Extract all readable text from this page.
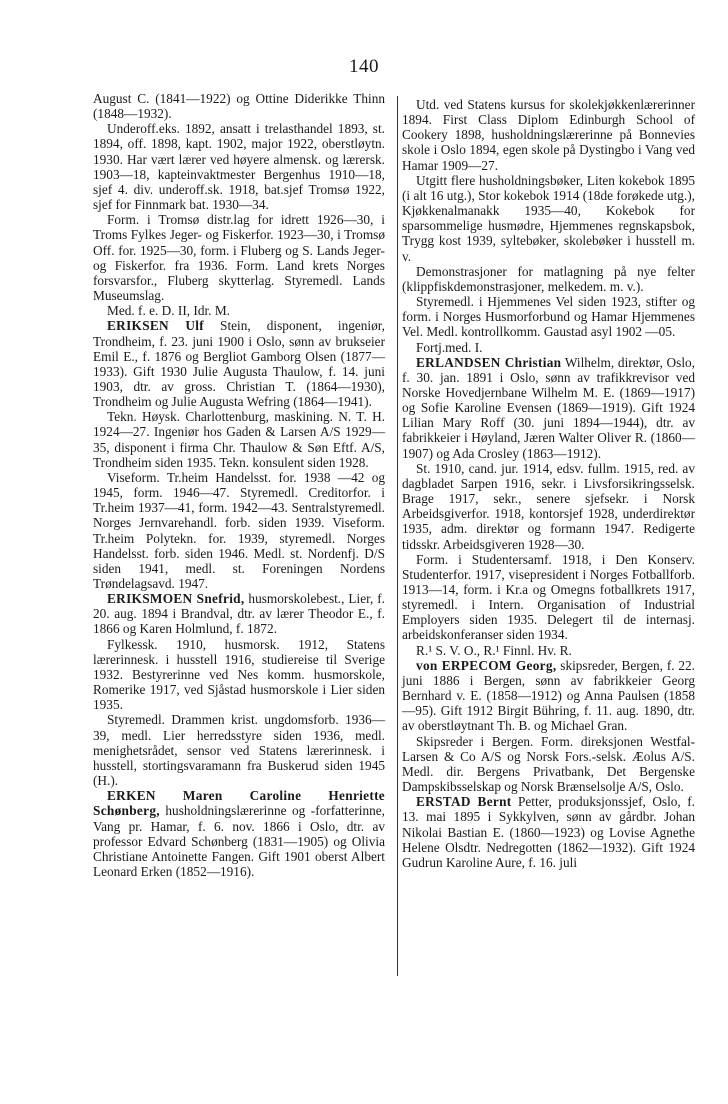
140

August C. (1841—1922) og Ottine Diderikke Thinn (1848—1932).

Underoff.eks. 1892, ansatt i trelasthandel 1893, st. 1894, off. 1898, kapt. 1902, major 1922, oberstløytn. 1930. Har vært lærer ved høyere almensk. og lærersk. 1903—18, kapteinvaktmester Bergenhus 1910—18, sjef 4. div. underoff.sk. 1918, bat.sjef Tromsø 1922, sjef for Finnmark bat. 1930—34.

Form. i Tromsø distr.lag for idrett 1926—30, i Troms Fylkes Jeger- og Fiskerfor. 1923—30, i Tromsø Off. for. 1925—30, form. i Fluberg og S. Lands Jeger- og Fiskerfor. fra 1936. Form. Land krets Norges forsvarsfor., Fluberg skytterlag. Styremedl. Lands Museumslag.

Med. f. e. D. II, Idr. M.

ERIKSEN Ulf Stein, disponent, ingeniør, Trondheim, f. 23. juni 1900 i Oslo, sønn av brukseier Emil E., f. 1876 og Bergliot Gamborg Olsen (1877—1933). Gift 1930 Julie Augusta Thaulow, f. 14. juni 1903, dtr. av gross. Christian T. (1864—1930), Trondheim og Julie Augusta Wefring (1864—1941).

Tekn. Høysk. Charlottenburg, maskining. N. T. H. 1924—27. Ingeniør hos Gaden & Larsen A/S 1929—35, disponent i firma Chr. Thaulow & Søn Eftf. A/S, Trondheim siden 1935. Tekn. konsulent siden 1928.

Viseform. Tr.heim Handelsst. for. 1938 —42 og 1945, form. 1946—47. Styremedl. Creditorfor. i Tr.heim 1937—41, form. 1942—43. Sentralstyremedl. Norges Jernvarehandl. forb. siden 1939. Viseform. Tr.heim Polytekn. for. 1939, styremedl. Norges Handelsst. forb. siden 1946. Medl. st. Nordenfj. D/S siden 1941, medl. st. Foreningen Nordens Trøndelagsavd. 1947.

ERIKSMOEN Snefrid, husmorskolebest., Lier, f. 20. aug. 1894 i Brandval, dtr. av lærer Theodor E., f. 1866 og Karen Holmlund, f. 1872.

Fylkessk. 1910, husmorsk. 1912, Statens lærerinnesk. i husstell 1916, studiereise til Sverige 1932. Bestyrerinne ved Nes komm. husmorskole, Romerike 1917, ved Sjåstad husmorskole i Lier siden 1935.

Styremedl. Drammen krist. ungdomsforb. 1936—39, medl. Lier herredsstyre siden 1936, medl. menighetsrådet, sensor ved Statens lærerinnesk. i husstell, stortingsvaramann fra Buskerud siden 1945 (H.).

ERKEN Maren Caroline Henriette Schønberg, husholdningslærerinne og -forfatterinne, Vang pr. Hamar, f. 6. nov. 1866 i Oslo, dtr. av professor Edvard Schønberg (1831—1905) og Olivia Christiane Antoinette Fangen. Gift 1901 oberst Albert Leonard Erken (1852—1916).

Utd. ved Statens kursus for skolekjøkkenlærerinner 1894. First Class Diplom Edinburgh School of Cookery 1898, husholdningslærerinne på Bonnevies skole i Oslo 1894, egen skole på Dystingbo i Vang ved Hamar 1909—27.

Utgitt flere husholdningsbøker, Liten kokebok 1895 (i alt 16 utg.), Stor kokebok 1914 (18de forøkede utg.), Kjøkkenalmanakk 1935—40, Kokebok for sparsommelige husmødre, Hjemmenes regnskapsbok, Trygg kost 1939, syltebøker, skolebøker i husstell m. v.

Demonstrasjoner for matlagning på nye felter (klippfiskdemonstrasjoner, melkedem. m. v.).

Styremedl. i Hjemmenes Vel siden 1923, stifter og form. i Norges Husmorforbund og Hamar Hjemmenes Vel. Medl. kontrollkomm. Gaustad asyl 1902 —05.

Fortj.med. I.

ERLANDSEN Christian Wilhelm, direktør, Oslo, f. 30. jan. 1891 i Oslo, sønn av trafikkrevisor ved Norske Hovedjernbane Wilhelm M. E. (1869—1917) og Sofie Karoline Evensen (1869—1919). Gift 1924 Lilian Mary Roff (30. juni 1894—1944), dtr. av fabrikkeier i Høyland, Jæren Walter Oliver R. (1860—1907) og Ada Crosley (1863—1912).

St. 1910, cand. jur. 1914, edsv. fullm. 1915, red. av dagbladet Sarpen 1916, sekr. i Livsforsikringsselsk. Brage 1917, sekr., senere sjefsekr. i Norsk Arbeidsgiverfor. 1918, kontorsjef 1928, underdirektør 1935, adm. direktør og formann 1947. Redigerte tidsskr. Arbeidsgiveren 1928—30.

Form. i Studentersamf. 1918, i Den Konserv. Studenterfor. 1917, visepresident i Norges Fotballforb. 1913—14, form. i Kr.a og Omegns fotballkrets 1917, styremedl. i Intern. Organisation of Industrial Employers siden 1935. Delegert til de internasj. arbeidskonferanser siden 1934.

R.¹ S. V. O., R.¹ Finnl. Hv. R.

von ERPECOM Georg, skipsreder, Bergen, f. 22. juni 1886 i Bergen, sønn av fabrikkeier Georg Bernhard v. E. (1858—1912) og Anna Paulsen (1858—95). Gift 1912 Birgit Bühring, f. 11. aug. 1890, dtr. av oberstløytnant Th. B. og Michael Gran.

Skipsreder i Bergen. Form. direksjonen Westfal-Larsen & Co A/S og Norsk Fors.-selsk. Æolus A/S. Medl. dir. Bergens Privatbank, Det Bergenske Dampskibsselskap og Norsk Brænselsolje A/S, Oslo.

ERSTAD Bernt Petter, produksjonssjef, Oslo, f. 13. mai 1895 i Sykkylven, sønn av gårdbr. Johan Nikolai Bastian E. (1860—1923) og Lovise Agnethe Helene Olsdtr. Nedregotten (1862—1932). Gift 1924 Gudrun Karoline Aure, f. 16. juli
